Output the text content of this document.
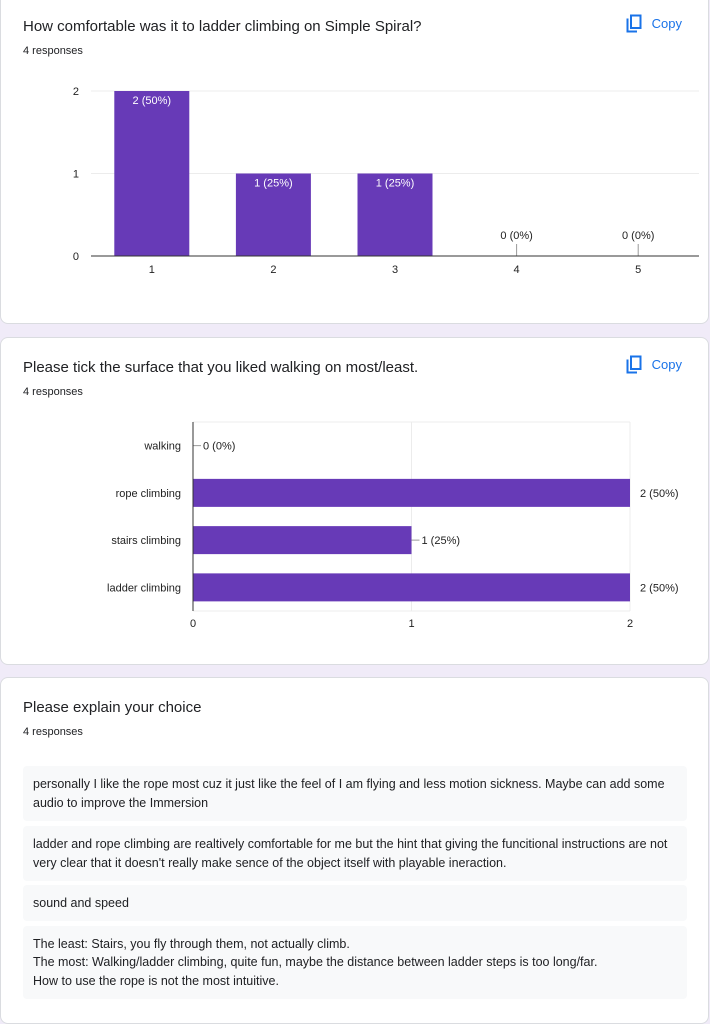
How comfortable was it to ladder climbing on Simple Spiral?
4 responses
Copy
0
1
2
2 (50%)
1
1 (25%)
2
1 (25%)
3
0 (0%)
4
0 (0%)
5
Please tick the surface that you liked walking on most/least.
4 responses
Copy
0	1	2
walking 0 (0%)
rope climbing	2 (50%)
stairs climbing	1 (25%)
ladder climbing	2 (50%)
Please explain your choice
4 responses
personally I like the rope most cuz it just like the feel of I am flying and less motion sickness. Maybe can add some audio to improve the Immersion
ladder and rope climbing are realtively comfortable for me but the hint that giving the funcitional instructions are not very clear that it doesn't really make sence of the object itself with playable ineraction.
sound and speed
The least: Stairs, you fly through them, not actually climb.
The most: Walking/ladder climbing, quite fun, maybe the distance between ladder steps is too long/far.
How to use the rope is not the most intuitive.
